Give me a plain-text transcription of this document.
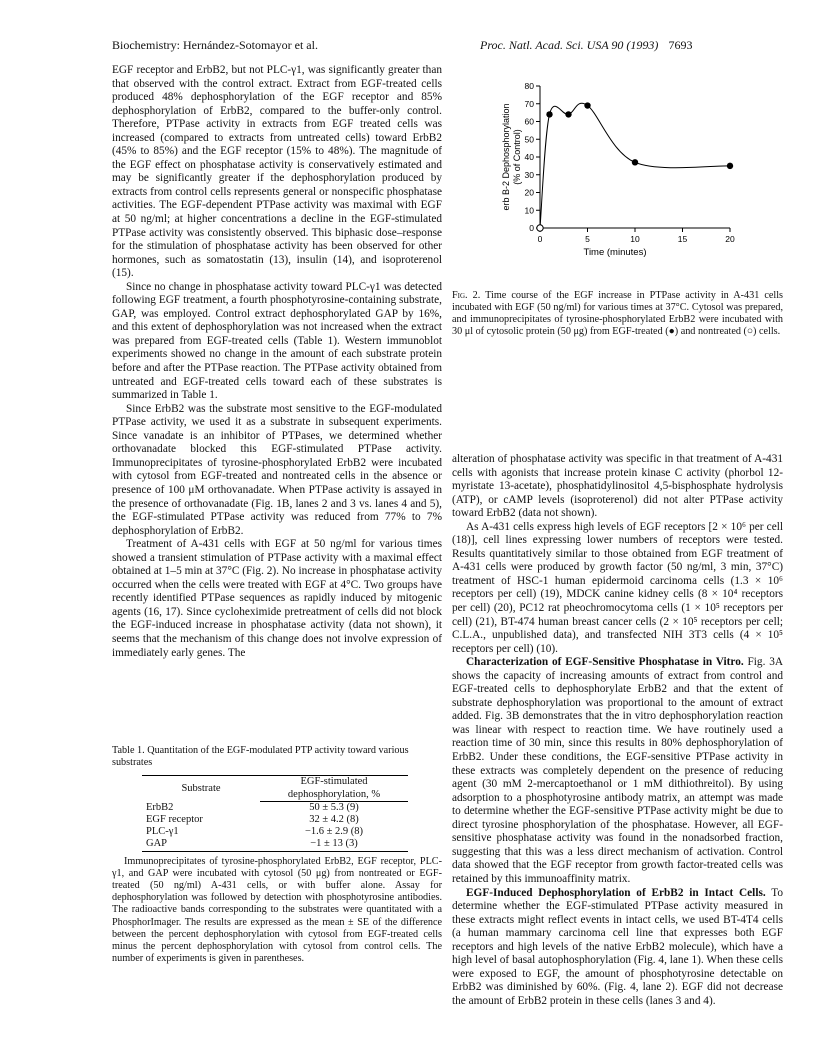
Biochemistry: Hernández-Sotomayor et al.	Proc. Natl. Acad. Sci. USA 90 (1993) 7693

EGF receptor and ErbB2, but not PLC-γ1, was significantly greater than that observed with the control extract. Extract from EGF-treated cells produced 48% dephosphorylation of the EGF receptor and 85% dephosphorylation of ErbB2, compared to the buffer-only control. Therefore, PTPase activity in extracts from EGF treated cells was increased (compared to extracts from untreated cells) toward ErbB2 (45% to 85%) and the EGF receptor (15% to 48%). The magnitude of the EGF effect on phosphatase activity is conservatively estimated and may be significantly greater if the dephosphorylation produced by extracts from control cells represents general or nonspecific phosphatase activities. The EGF-dependent PTPase activity was maximal with EGF at 50 ng/ml; at higher concentrations a decline in the EGF-stimulated PTPase activity was consistently observed. This biphasic dose–response for the stimulation of phosphatase activity has been observed for other hormones, such as somatostatin (13), insulin (14), and isoproterenol (15).

Since no change in phosphatase activity toward PLC-γ1 was detected following EGF treatment, a fourth phosphotyrosine-containing substrate, GAP, was employed. Control extract dephosphorylated GAP by 16%, and this extent of dephosphorylation was not increased when the extract was prepared from EGF-treated cells (Table 1). Western immunoblot experiments showed no change in the amount of each substrate protein before and after the PTPase reaction. The PTPase activity obtained from untreated and EGF-treated cells toward each of these substrates is summarized in Table 1.

Since ErbB2 was the substrate most sensitive to the EGF-modulated PTPase activity, we used it as a substrate in subsequent experiments. Since vanadate is an inhibitor of PTPases, we determined whether orthovanadate blocked this EGF-stimulated PTPase activity. Immunoprecipitates of tyrosine-phosphorylated ErbB2 were incubated with cytosol from EGF-treated and nontreated cells in the absence or presence of 100 μM orthovanadate. When PTPase activity is assayed in the presence of orthovanadate (Fig. 1B, lanes 2 and 3 vs. lanes 4 and 5), the EGF-stimulated PTPase activity was reduced from 77% to 7% dephosphorylation of ErbB2.

Treatment of A-431 cells with EGF at 50 ng/ml for various times showed a transient stimulation of PTPase activity with a maximal effect obtained at 1–5 min at 37°C (Fig. 2). No increase in phosphatase activity occurred when the cells were treated with EGF at 4°C. Two groups have recently identified PTPase sequences as rapidly induced by mitogenic agents (16, 17). Since cycloheximide pretreatment of cells did not block the EGF-induced increase in phosphatase activity (data not shown), it seems that the mechanism of this change does not involve expression of immediately early genes. The

Table 1. Quantitation of the EGF-modulated PTP activity toward various substrates
Substrate	EGF-stimulated
	dephosphorylation, %
ErbB2	50 ± 5.3 (9)
EGF receptor	32 ± 4.2 (8)
PLC-γ1	−1.6 ± 2.9 (8)
GAP	−1 ± 13 (3)

Immunoprecipitates of tyrosine-phosphorylated ErbB2, EGF receptor, PLC-γ1, and GAP were incubated with cytosol (50 μg) from nontreated or EGF-treated (50 ng/ml) A-431 cells, or with buffer alone. Assay for dephosphorylation was followed by detection with phosphotyrosine antibodies. The radioactive bands corresponding to the substrates were quantitated with a PhosphorImager. The results are expressed as the mean ± SE of the difference between the percent dephosphorylation with cytosol from EGF-treated cells minus the percent dephosphorylation with cytosol from control cells. The number of experiments is given in parentheses.

0
10
20
30
40
50
60
70
80
0	5	10	15	20
Time (minutes)
erb B-2 Dephosphorylation (% of Control)
Fig. 2. Time course of the EGF increase in PTPase activity in A-431 cells incubated with EGF (50 ng/ml) for various times at 37°C. Cytosol was prepared, and immunoprecipitates of tyrosine-phosphorylated ErbB2 were incubated with 30 μl of cytosolic protein (50 μg) from EGF-treated (●) and nontreated (○) cells.

alteration of phosphatase activity was specific in that treatment of A-431 cells with agonists that increase protein kinase C activity (phorbol 12-myristate 13-acetate), phosphatidylinositol 4,5-bisphosphate hydrolysis (ATP), or cAMP levels (isoproterenol) did not alter PTPase activity toward ErbB2 (data not shown).

As A-431 cells express high levels of EGF receptors [2 × 10⁶ per cell (18)], cell lines expressing lower numbers of receptors were tested. Results quantitatively similar to those obtained from EGF treatment of A-431 cells were produced by growth factor (50 ng/ml, 3 min, 37°C) treatment of HSC-1 human epidermoid carcinoma cells (1.3 × 10⁶ receptors per cell) (19), MDCK canine kidney cells (8 × 10⁴ receptors per cell) (20), PC12 rat pheochromocytoma cells (1 × 10⁵ receptors per cell) (21), BT-474 human breast cancer cells (2 × 10⁵ receptors per cell; C.L.A., unpublished data), and transfected NIH 3T3 cells (4 × 10⁵ receptors per cell) (10).

Characterization of EGF-Sensitive Phosphatase in Vitro. Fig. 3A shows the capacity of increasing amounts of extract from control and EGF-treated cells to dephosphorylate ErbB2 and that the extent of substrate dephosphorylation was proportional to the amount of extract added. Fig. 3B demonstrates that the in vitro dephosphorylation reaction was linear with respect to reaction time. We have routinely used a reaction time of 30 min, since this results in 80% dephosphorylation of ErbB2. Under these conditions, the EGF-sensitive PTPase activity in these extracts was completely dependent on the presence of reducing agent (30 mM 2-mercaptoethanol or 1 mM dithiothreitol). By using adsorption to a phosphotyrosine antibody matrix, an attempt was made to determine whether the EGF-sensitive PTPase activity might be due to direct tyrosine phosphorylation of the phosphatase. However, all EGF-sensitive phosphatase activity was found in the nonadsorbed fraction, suggesting that this was a less direct mechanism of activation. Control data showed that the EGF receptor from growth factor-treated cells was retained by this immunoaffinity matrix.

EGF-Induced Dephosphorylation of ErbB2 in Intact Cells. To determine whether the EGF-stimulated PTPase activity measured in these extracts might reflect events in intact cells, we used BT-4T4 cells (a human mammary carcinoma cell line that expresses both EGF receptors and high levels of the native ErbB2 molecule), which have a high level of basal autophosphorylation (Fig. 4, lane 1). When these cells were exposed to EGF, the amount of phosphotyrosine detectable on ErbB2 was diminished by 60%. (Fig. 4, lane 2). EGF did not decrease the amount of ErbB2 protein in these cells (lanes 3 and 4).
